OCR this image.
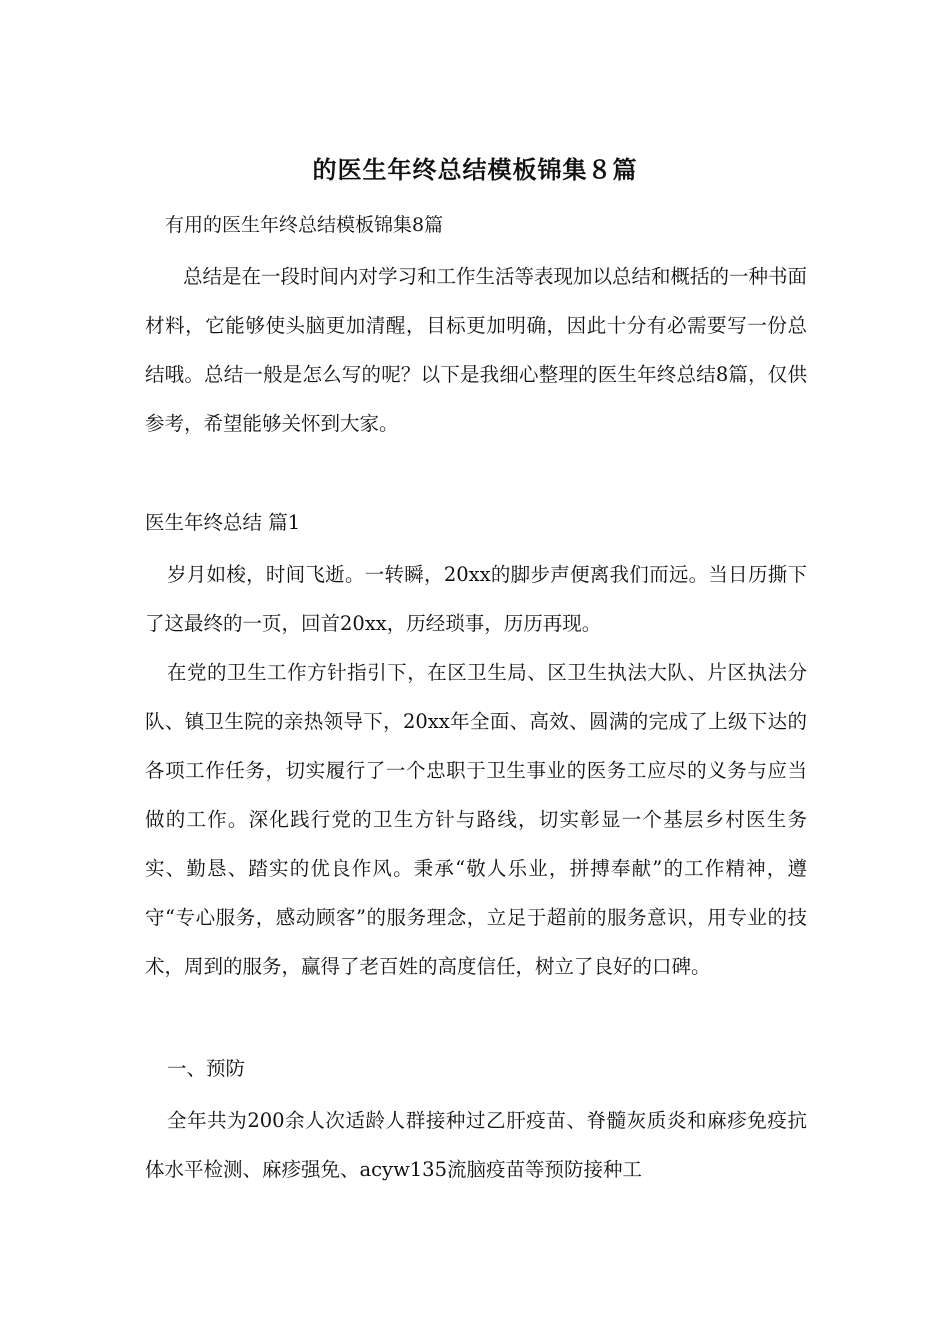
的医生年终总结模板锦集８篇
有用的医生年终总结模板锦集8篇
总结是在一段时间内对学习和工作生活等表现加以总结和概括的一种书面材料，它能够使头脑更加清醒，目标更加明确，因此十分有必需要写一份总结哦。总结一般是怎么写的呢？以下是我细心整理的医生年终总结8篇，仅供参考，希望能够关怀到大家。
医生年终总结 篇1
岁月如梭，时间飞逝。一转瞬，20xx的脚步声便离我们而远。当日历撕下了这最终的一页，回首20xx，历经琐事，历历再现。
在党的卫生工作方针指引下，在区卫生局、区卫生执法大队、片区执法分队、镇卫生院的亲热领导下，20xx年全面、高效、圆满的完成了上级下达的各项工作任务，切实履行了一个忠职于卫生事业的医务工应尽的义务与应当做的工作。深化践行党的卫生方针与路线，切实彰显一个基层乡村医生务实、勤恳、踏实的优良作风。秉承“敬人乐业，拼搏奉献”的工作精神，遵守“专心服务，感动顾客”的服务理念，立足于超前的服务意识，用专业的技术，周到的服务，赢得了老百姓的高度信任，树立了良好的口碑。
一、预防
全年共为200余人次适龄人群接种过乙肝疫苗、脊髓灰质炎和麻疹免疫抗体水平检测、麻疹强免、acyw135流脑疫苗等预防接种工
